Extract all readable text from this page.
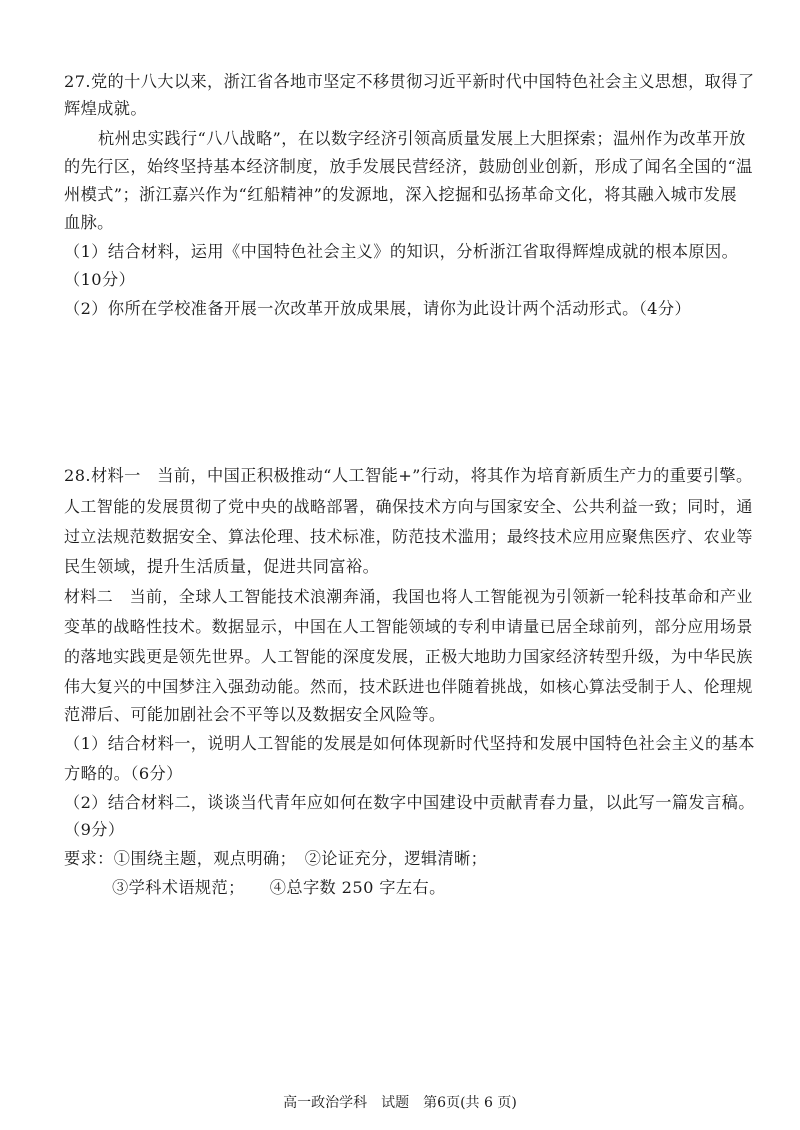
27.党的十八大以来，浙江省各地市坚定不移贯彻习近平新时代中国特色社会主义思想，取得了
辉煌成就。
杭州忠实践行“八八战略”，在以数字经济引领高质量发展上大胆探索；温州作为改革开放
的先行区，始终坚持基本经济制度，放手发展民营经济，鼓励创业创新，形成了闻名全国的“温
州模式”；浙江嘉兴作为“红船精神”的发源地，深入挖掘和弘扬革命文化，将其融入城市发展
血脉。
（1）结合材料，运用《中国特色社会主义》的知识，分析浙江省取得辉煌成就的根本原因。
（10分）
（2）你所在学校准备开展一次改革开放成果展，请你为此设计两个活动形式。（4分）
28.材料一　当前，中国正积极推动“人工智能+”行动，将其作为培育新质生产力的重要引擎。
人工智能的发展贯彻了党中央的战略部署，确保技术方向与国家安全、公共利益一致；同时，通
过立法规范数据安全、算法伦理、技术标准，防范技术滥用；最终技术应用应聚焦医疗、农业等
民生领域，提升生活质量，促进共同富裕。
材料二　当前，全球人工智能技术浪潮奔涌，我国也将人工智能视为引领新一轮科技革命和产业
变革的战略性技术。数据显示，中国在人工智能领域的专利申请量已居全球前列，部分应用场景
的落地实践更是领先世界。人工智能的深度发展，正极大地助力国家经济转型升级，为中华民族
伟大复兴的中国梦注入强劲动能。然而，技术跃进也伴随着挑战，如核心算法受制于人、伦理规
范滞后、可能加剧社会不平等以及数据安全风险等。
（1）结合材料一，说明人工智能的发展是如何体现新时代坚持和发展中国特色社会主义的基本
方略的。（6分）
（2）结合材料二，谈谈当代青年应如何在数字中国建设中贡献青春力量，以此写一篇发言稿。
（9分）
要求：①围绕主题，观点明确；　②论证充分，逻辑清晰；
③学科术语规范；　　④总字数 250 字左右。
高一政治学科　试题　第6页(共 6 页)
